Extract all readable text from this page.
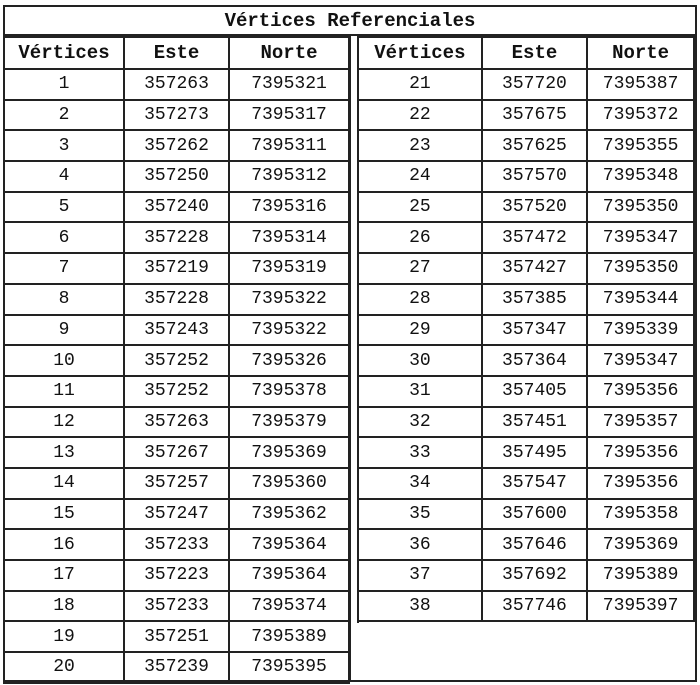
Vértices Referenciales
Vértices	Este	Norte
1	357263	7395321
2	357273	7395317
3	357262	7395311
4	357250	7395312
5	357240	7395316
6	357228	7395314
7	357219	7395319
8	357228	7395322
9	357243	7395322
10	357252	7395326
11	357252	7395378
12	357263	7395379
13	357267	7395369
14	357257	7395360
15	357247	7395362
16	357233	7395364
17	357223	7395364
18	357233	7395374
19	357251	7395389
20	357239	7395395
Vértices	Este	Norte
21	357720	7395387
22	357675	7395372
23	357625	7395355
24	357570	7395348
25	357520	7395350
26	357472	7395347
27	357427	7395350
28	357385	7395344
29	357347	7395339
30	357364	7395347
31	357405	7395356
32	357451	7395357
33	357495	7395356
34	357547	7395356
35	357600	7395358
36	357646	7395369
37	357692	7395389
38	357746	7395397
